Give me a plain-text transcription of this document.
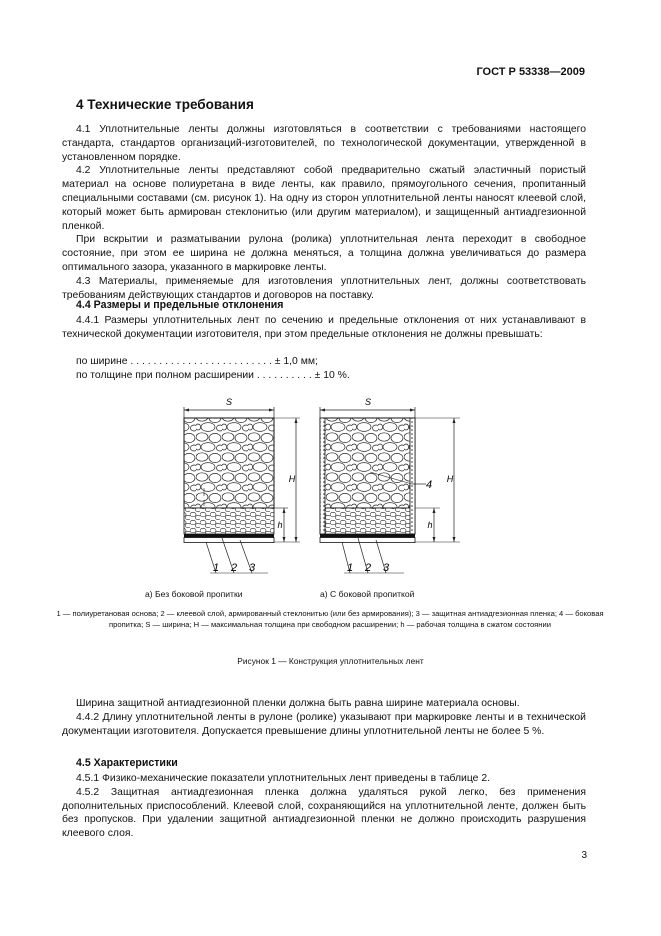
ГОСТ Р 53338—2009
4 Технические требования

4.1 Уплотнительные ленты должны изготовляться в соответствии с требованиями настоящего стандарта, стандартов организаций-изготовителей, по технологической документации, утвержденной в установленном порядке.

4.2 Уплотнительные ленты представляют собой предварительно сжатый эластичный пористый материал на основе полиуретана в виде ленты, как правило, прямоугольного сечения, пропитанный специальными составами (см. рисунок 1). На одну из сторон уплотнительной ленты наносят клеевой слой, который может быть армирован стеклонитью (или другим материалом), и защищенный антиадгезионной пленкой.

При вскрытии и разматывании рулона (ролика) уплотнительная лента переходит в свободное состояние, при этом ее ширина не должна меняться, а толщина должна увеличиваться до размера оптимального зазора, указанного в маркировке ленты.

4.3 Материалы, применяемые для изготовления уплотнительных лент, должны соответствовать требованиям действующих стандартов и договоров на поставку.

4.4 Размеры и предельные отклонения

4.4.1 Размеры уплотнительных лент по сечению и предельные отклонения от них устанавливают в технической документации изготовителя, при этом предельные отклонения не должны превышать:

по ширине . . . . . . . . . . . . . . . . . . . . . . . . . ± 1,0 мм;
по толщине при полном расширении . . . . . . . . . . ± 10 %.
S
H
h
1 2 3
S
H
h
4
1 2 3
а) Без боковой пропитки	а) С боковой пропиткой
1 — полиуретановая основа; 2 — клеевой слой, армированный стеклонитью (или без армирования); 3 — защитная антиадгезионная пленка; 4 — боковая пропитка; S — ширина; H — максимальная толщина при свободном расширении; h — рабочая толщина в сжатом состоянии
Рисунок 1 — Конструкция уплотнительных лент

Ширина защитной антиадгезионной пленки должна быть равна ширине материала основы.

4.4.2 Длину уплотнительной ленты в рулоне (ролике) указывают при маркировке ленты и в технической документации изготовителя. Допускается превышение длины уплотнительной ленты не более 5 %.

4.5 Характеристики

4.5.1 Физико-механические показатели уплотнительных лент приведены в таблице 2.

4.5.2 Защитная антиадгезионная пленка должна удаляться рукой легко, без применения дополнительных приспособлений. Клеевой слой, сохраняющийся на уплотнительной ленте, должен быть без пропусков. При удалении защитной антиадгезионной пленки не должно происходить разрушения клеевого слоя.

3
